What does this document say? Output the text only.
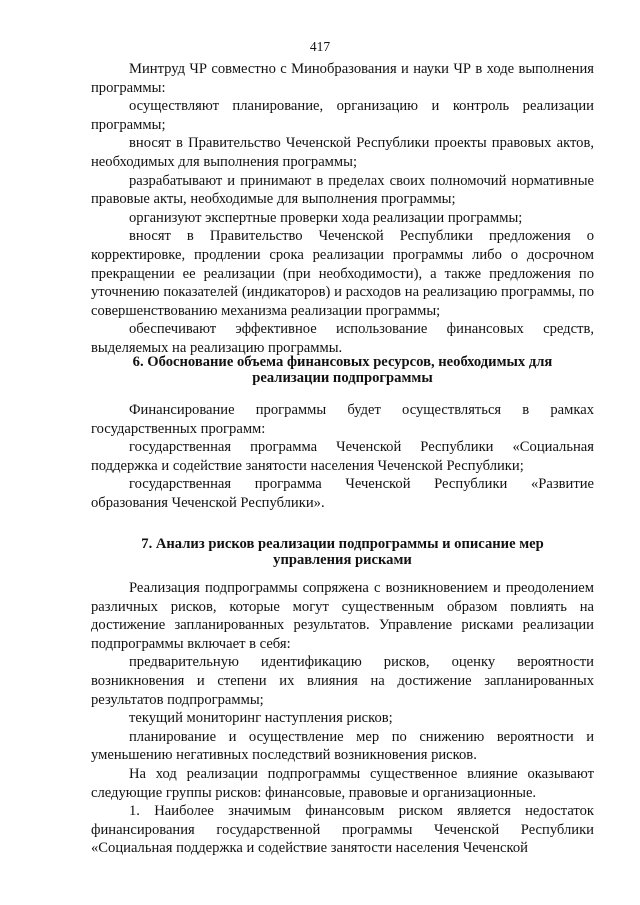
417

Минтруд ЧР совместно с Минобразования и науки ЧР в ходе выполнения программы:

осуществляют планирование, организацию и контроль реализации программы;

вносят в Правительство Чеченской Республики проекты правовых актов, необходимых для выполнения программы;

разрабатывают и принимают в пределах своих полномочий нормативные правовые акты, необходимые для выполнения программы;

организуют экспертные проверки хода реализации программы;

вносят в Правительство Чеченской Республики предложения о корректировке, продлении срока реализации программы либо о досрочном прекращении ее реализации (при необходимости), а также предложения по уточнению показателей (индикаторов) и расходов на реализацию программы, по совершенствованию механизма реализации программы;

обеспечивают эффективное использование финансовых средств, выделяемых на реализацию программы.

6. Обоснование объема финансовых ресурсов, необходимых для
реализации подпрограммы

Финансирование программы будет осуществляться в рамках государственных программ:

государственная программа Чеченской Республики «Социальная поддержка и содействие занятости населения Чеченской Республики;

государственная программа Чеченской Республики «Развитие образования Чеченской Республики».

7. Анализ рисков реализации подпрограммы и описание мер
управления рисками

Реализация подпрограммы сопряжена с возникновением и преодолением различных рисков, которые могут существенным образом повлиять на достижение запланированных результатов. Управление рисками реализации подпрограммы включает в себя:

предварительную идентификацию рисков, оценку вероятности возникновения и степени их влияния на достижение запланированных результатов подпрограммы;

текущий мониторинг наступления рисков;

планирование и осуществление мер по снижению вероятности и уменьшению негативных последствий возникновения рисков.

На ход реализации подпрограммы существенное влияние оказывают следующие группы рисков: финансовые, правовые и организационные.

1. Наиболее значимым финансовым риском является недостаток финансирования государственной программы Чеченской Республики «Социальная поддержка и содействие занятости населения Чеченской
